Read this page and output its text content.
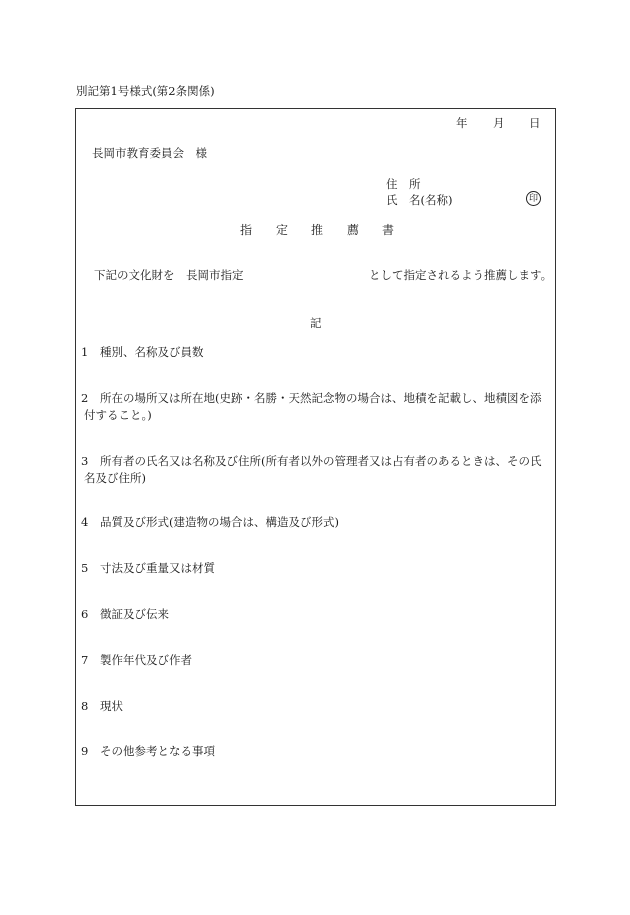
別記第1号様式(第2条関係)
年 月 日
長岡市教育委員会　様
住　所
氏　名(名称)	印
指 定 推 薦 書
下記の文化財を　長岡市指定	として指定されるよう推薦します。
記
1 種別、名称及び員数
2	所在の場所又は所在地(史跡・名勝・天然記念物の場合は、地積を記載し、地積図を添付すること。)
3	所有者の氏名又は名称及び住所(所有者以外の管理者又は占有者のあるときは、その氏名及び住所)
4 品質及び形式(建造物の場合は、構造及び形式)
5 寸法及び重量又は材質
6 徴証及び伝来
7 製作年代及び作者
8 現状
9 その他参考となる事項
